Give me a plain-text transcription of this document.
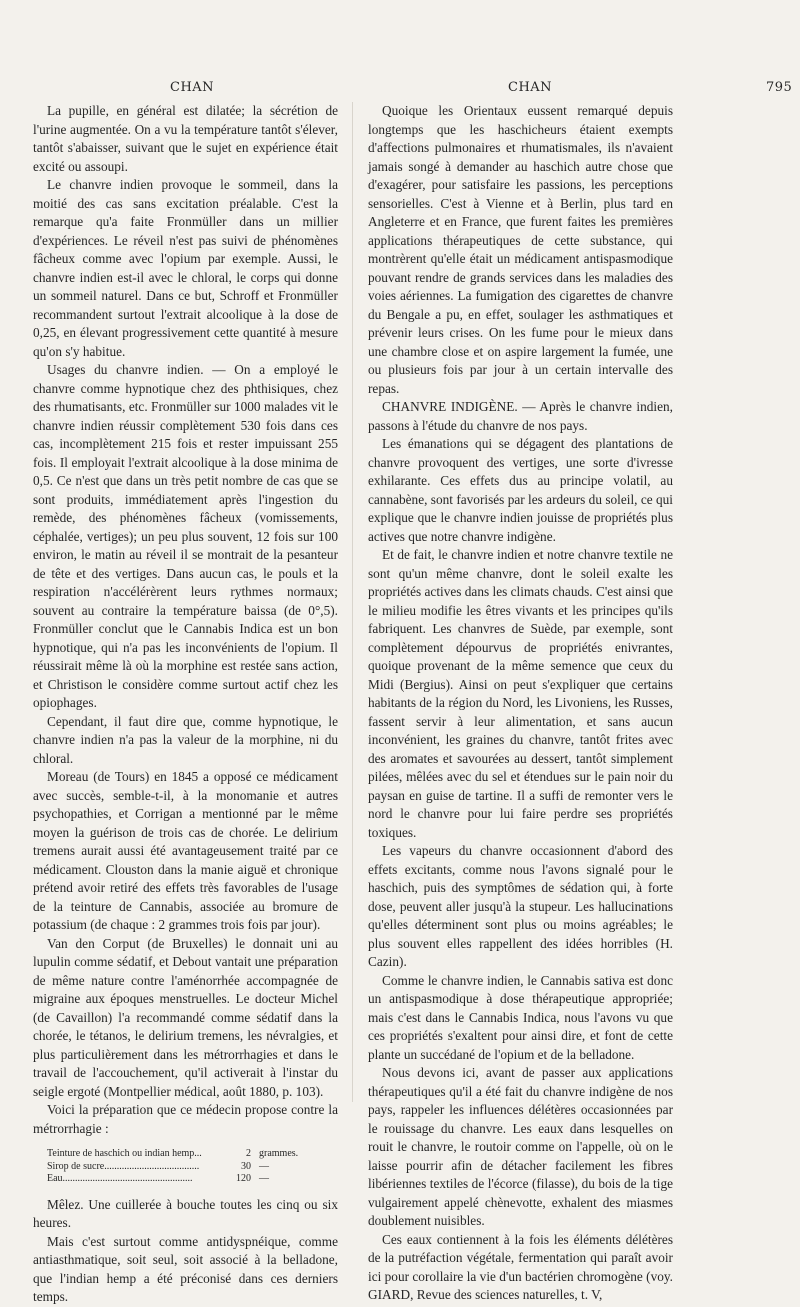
CHAN	CHAN	795

La pupille, en général est dilatée; la sécrétion de l'urine augmentée. On a vu la température tantôt s'élever, tantôt s'abaisser, suivant que le sujet en expérience était excité ou assoupi.

Le chanvre indien provoque le sommeil, dans la moitié des cas sans excitation préalable. C'est la remarque qu'a faite Fronmüller dans un millier d'expériences. Le réveil n'est pas suivi de phénomènes fâcheux comme avec l'opium par exemple. Aussi, le chanvre indien est-il avec le chloral, le corps qui donne un sommeil naturel. Dans ce but, Schroff et Fronmüller recommandent surtout l'extrait alcoolique à la dose de 0,25, en élevant progressivement cette quantité à mesure qu'on s'y habitue.

Usages du chanvre indien. — On a employé le chanvre comme hypnotique chez des phthisiques, chez des rhumatisants, etc. Fronmüller sur 1000 malades vit le chanvre indien réussir complètement 530 fois dans ces cas, incomplètement 215 fois et rester impuissant 255 fois. Il employait l'extrait alcoolique à la dose minima de 0,5. Ce n'est que dans un très petit nombre de cas que se sont produits, immédiatement après l'ingestion du remède, des phénomènes fâcheux (vomissements, céphalée, vertiges); un peu plus souvent, 12 fois sur 100 environ, le matin au réveil il se montrait de la pesanteur de tête et des vertiges. Dans aucun cas, le pouls et la respiration n'accélérèrent leurs rythmes normaux; souvent au contraire la température baissa (de 0°,5). Fronmüller conclut que le Cannabis Indica est un bon hypnotique, qui n'a pas les inconvénients de l'opium. Il réussirait même là où la morphine est restée sans action, et Christison le considère comme surtout actif chez les opiophages.

Cependant, il faut dire que, comme hypnotique, le chanvre indien n'a pas la valeur de la morphine, ni du chloral.

Moreau (de Tours) en 1845 a opposé ce médicament avec succès, semble-t-il, à la monomanie et autres psychopathies, et Corrigan a mentionné par le même moyen la guérison de trois cas de chorée. Le delirium tremens aurait aussi été avantageusement traité par ce médicament. Clouston dans la manie aiguë et chronique prétend avoir retiré des effets très favorables de l'usage de la teinture de Cannabis, associée au bromure de potassium (de chaque : 2 grammes trois fois par jour).

Van den Corput (de Bruxelles) le donnait uni au lupulin comme sédatif, et Debout vantait une préparation de même nature contre l'aménorrhée accompagnée de migraine aux époques menstruelles. Le docteur Michel (de Cavaillon) l'a recommandé comme sédatif dans la chorée, le tétanos, le delirium tremens, les névralgies, et plus particulièrement dans les métrorrhagies et dans le travail de l'accouchement, qu'il activerait à l'instar du seigle ergoté (Montpellier médical, août 1880, p. 103).

Voici la préparation que ce médecin propose contre la métrorrhagie :

Teinture de haschich ou indian hemp...	2 grammes.
Sirop de sucre......................................	30 —
Eau....................................................	120 —

Mêlez. Une cuillerée à bouche toutes les cinq ou six heures.

Mais c'est surtout comme antidyspnéique, comme antiasthmatique, soit seul, soit associé à la belladone, que l'indian hemp a été préconisé dans ces derniers temps.

Quoique les Orientaux eussent remarqué depuis longtemps que les haschicheurs étaient exempts d'affections pulmonaires et rhumatismales, ils n'avaient jamais songé à demander au haschich autre chose que d'exagérer, pour satisfaire les passions, les perceptions sensorielles. C'est à Vienne et à Berlin, plus tard en Angleterre et en France, que furent faites les premières applications thérapeutiques de cette substance, qui montrèrent qu'elle était un médicament antispasmodique pouvant rendre de grands services dans les maladies des voies aériennes. La fumigation des cigarettes de chanvre du Bengale a pu, en effet, soulager les asthmatiques et prévenir leurs crises. On les fume pour le mieux dans une chambre close et on aspire largement la fumée, une ou plusieurs fois par jour à un certain intervalle des repas.

CHANVRE INDIGÈNE. — Après le chanvre indien, passons à l'étude du chanvre de nos pays.

Les émanations qui se dégagent des plantations de chanvre provoquent des vertiges, une sorte d'ivresse exhilarante. Ces effets dus au principe volatil, au cannabène, sont favorisés par les ardeurs du soleil, ce qui explique que le chanvre indien jouisse de propriétés plus actives que notre chanvre indigène.

Et de fait, le chanvre indien et notre chanvre textile ne sont qu'un même chanvre, dont le soleil exalte les propriétés actives dans les climats chauds. C'est ainsi que le milieu modifie les êtres vivants et les principes qu'ils fabriquent. Les chanvres de Suède, par exemple, sont complètement dépourvus de propriétés enivrantes, quoique provenant de la même semence que ceux du Midi (Bergius). Ainsi on peut s'expliquer que certains habitants de la région du Nord, les Livoniens, les Russes, fassent servir à leur alimentation, et sans aucun inconvénient, les graines du chanvre, tantôt frites avec des aromates et savourées au dessert, tantôt simplement pilées, mêlées avec du sel et étendues sur le pain noir du paysan en guise de tartine. Il a suffi de remonter vers le nord le chanvre pour lui faire perdre ses propriétés toxiques.

Les vapeurs du chanvre occasionnent d'abord des effets excitants, comme nous l'avons signalé pour le haschich, puis des symptômes de sédation qui, à forte dose, peuvent aller jusqu'à la stupeur. Les hallucinations qu'elles déterminent sont plus ou moins agréables; le plus souvent elles rappellent des idées horribles (H. Cazin).

Comme le chanvre indien, le Cannabis sativa est donc un antispasmodique à dose thérapeutique appropriée; mais c'est dans le Cannabis Indica, nous l'avons vu que ces propriétés s'exaltent pour ainsi dire, et font de cette plante un succédané de l'opium et de la belladone.

Nous devons ici, avant de passer aux applications thérapeutiques qu'il a été fait du chanvre indigène de nos pays, rappeler les influences délétères occasionnées par le rouissage du chanvre. Les eaux dans lesquelles on rouit le chanvre, le routoir comme on l'appelle, où on le laisse pourrir afin de détacher facilement les fibres libériennes textiles de l'écorce (filasse), du bois de la tige vulgairement appelé chènevotte, exhalent des miasmes doublement nuisibles.

Ces eaux contiennent à la fois les éléments délétères de la putréfaction végétale, fermentation qui paraît avoir ici pour corollaire la vie d'un bactérien chromogène (voy. GIARD, Revue des sciences naturelles, t. V,
